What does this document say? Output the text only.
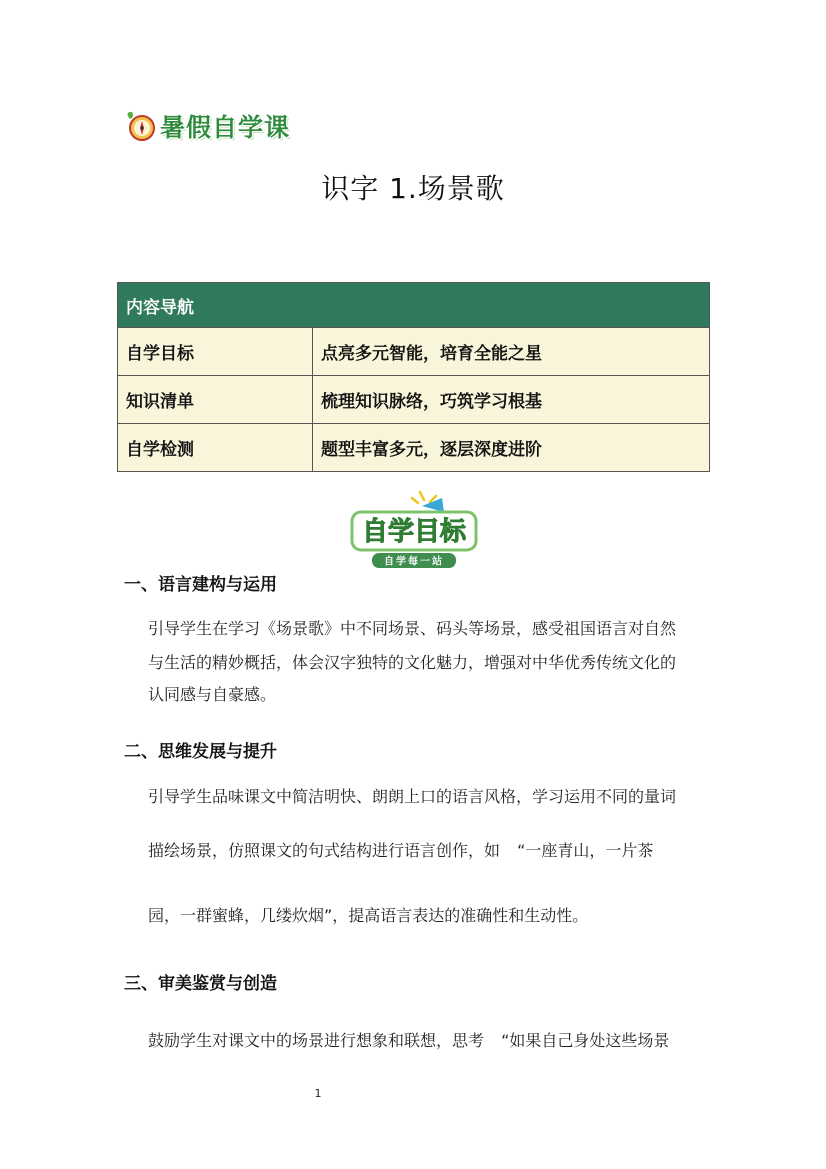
暑假自学课
识字 1.场景歌
内容导航	
自学目标	点亮多元智能，培育全能之星
知识清单	梳理知识脉络，巧筑学习根基
自学检测	题型丰富多元，逐层深度进阶
自学目标
自学每一站
一、语言建构与运用
引导学生在学习《场景歌》中不同场景、码头等场景，感受祖国语言对自然
与生活的精妙概括，体会汉字独特的文化魅力，增强对中华优秀传统文化的
认同感与自豪感。
二、思维发展与提升
引导学生品味课文中简洁明快、朗朗上口的语言风格，学习运用不同的量词
描绘场景，仿照课文的句式结构进行语言创作，如 “一座青山，一片茶
园，一群蜜蜂，几缕炊烟”，提高语言表达的准确性和生动性。
三、审美鉴赏与创造
鼓励学生对课文中的场景进行想象和联想，思考 “如果自己身处这些场景
1
